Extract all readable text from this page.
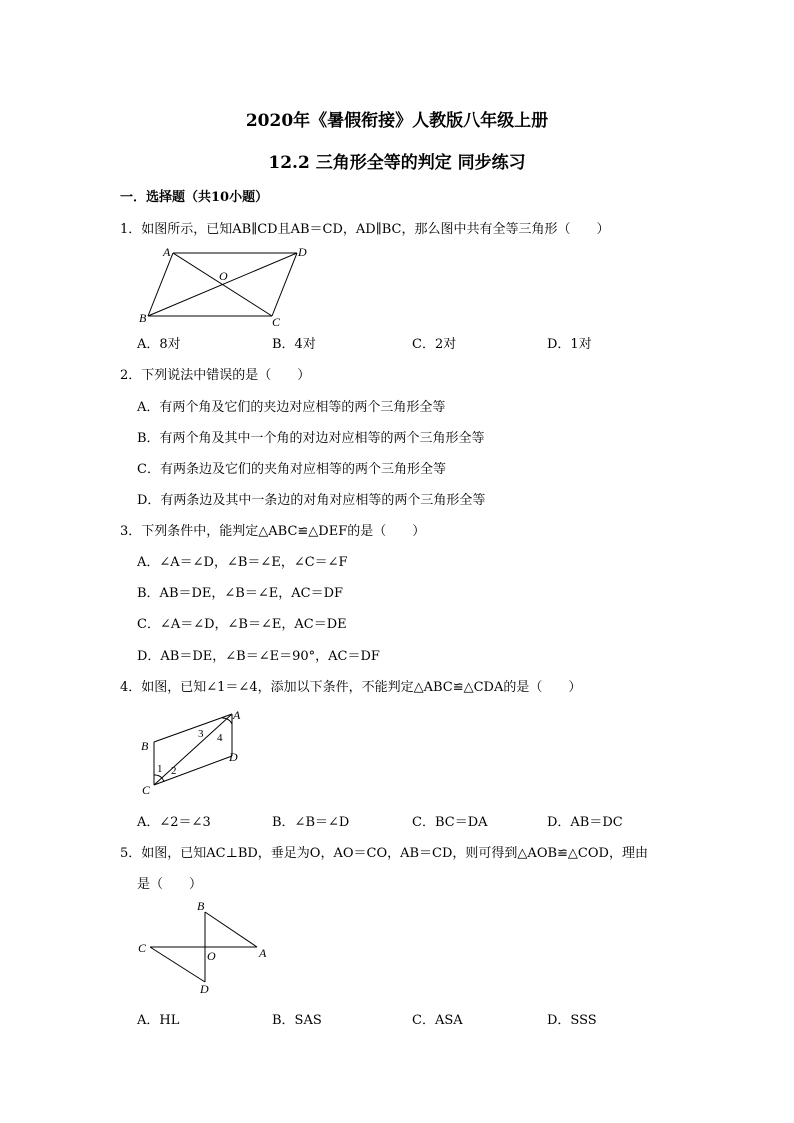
2020年《暑假衔接》人教版八年级上册
12.2 三角形全等的判定 同步练习
一．选择题（共10小题）
1．如图所示，已知AB∥CD且AB＝CD，AD∥BC，那么图中共有全等三角形（　　）
A
B	C
D
O
A．8对	B．4对	C．2对	D．1对
2．下列说法中错误的是（　　）
A．有两个角及它们的夹边对应相等的两个三角形全等
B．有两个角及其中一个角的对边对应相等的两个三角形全等
C．有两条边及它们的夹角对应相等的两个三角形全等
D．有两条边及其中一条边的对角对应相等的两个三角形全等
3．下列条件中，能判定△ABC≌△DEF的是（　　）
A．∠A＝∠D，∠B＝∠E，∠C＝∠F
B．AB＝DE，∠B＝∠E，AC＝DF
C．∠A＝∠D，∠B＝∠E，AC＝DE
D．AB＝DE，∠B＝∠E＝90°，AC＝DF
4．如图，已知∠1＝∠4，添加以下条件，不能判定△ABC≌△CDA的是（　　）
B
C
A
D
1 2
3 4
A．∠2＝∠3	B．∠B＝∠D	C．BC＝DA	D．AB＝DC
5．如图，已知AC⊥BD，垂足为O，AO＝CO，AB＝CD，则可得到△AOB≌△COD，理由
是（　　）
B
C	A
D
O
A．HL	B．SAS	C．ASA	D．SSS
